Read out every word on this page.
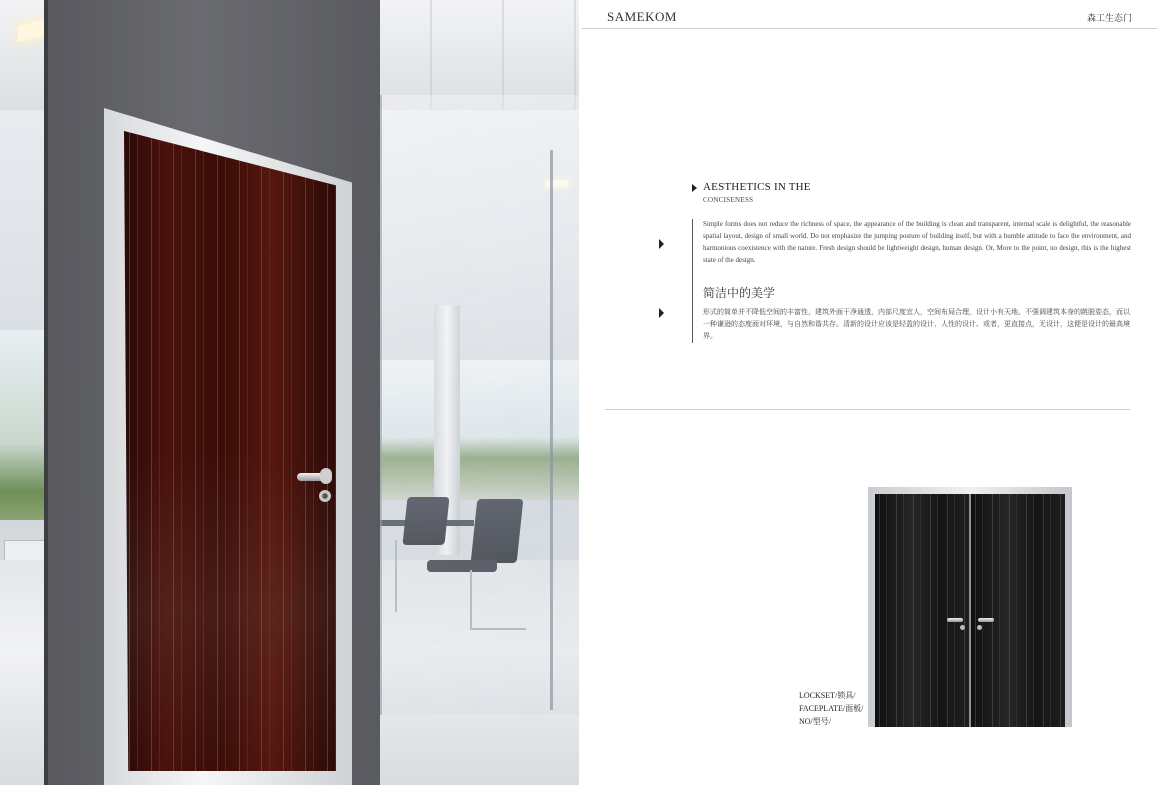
SAMEKOM	森工生态门
AESTHETICS IN THE
CONCISENESS
Simple forms does not reduce the richness of space, the appearance of the building is clean and transparent, internal scale is delightful, the reasonable spatial layout, design of small world. Do not emphasize the jumping posture of building itself, but with a humble attitude to face the environment, and harmonious coexistence with the nature. Fresh design should be lightweight design, human design. Or, More to the point, no design, this is the highest state of the design.
简洁中的美学
形式的简单并不降低空间的丰富性，建筑外面干净通透，内部尺度宜人，空间布局合理，设计小有天地。不强调建筑本身的跳脱姿态，而以一种谦逊的态度面对环境，与自然和谐共存。清新的设计应该是轻盈的设计、人性的设计。或者，更直接点，无设计，这便是设计的最高境界。
LOCKSET/锁具/
FACEPLATE/面板/
NO/型号/
